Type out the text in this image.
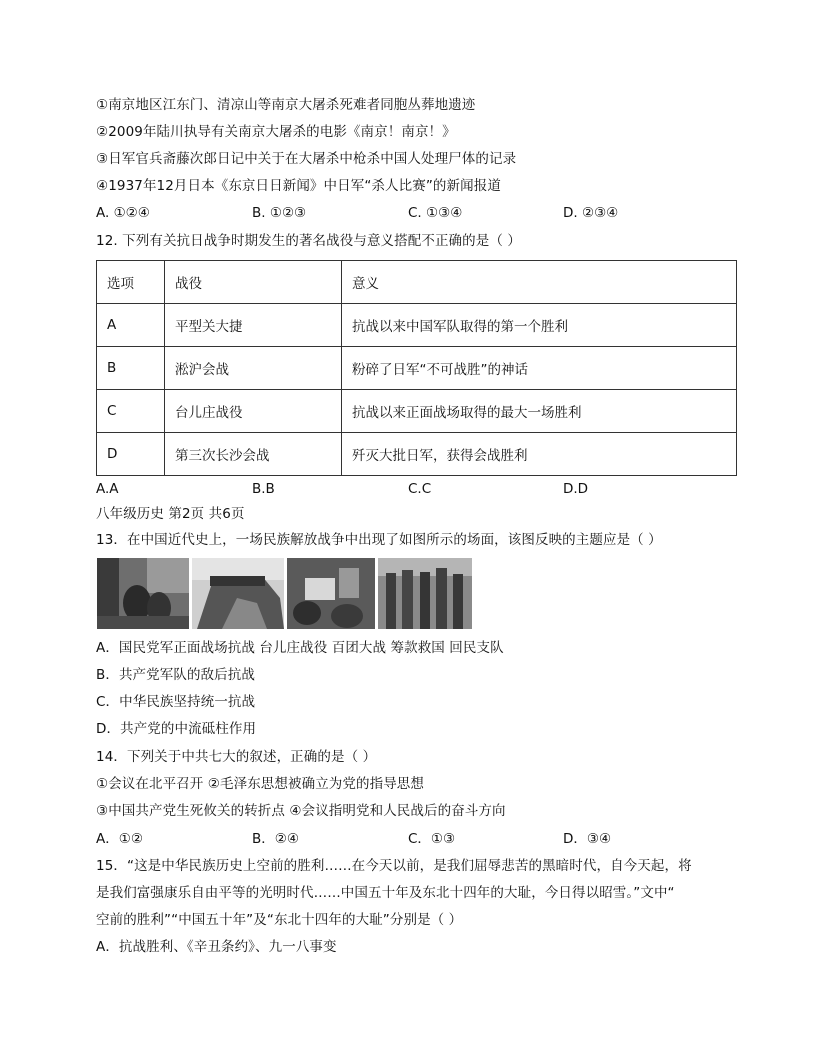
①南京地区江东门、清凉山等南京大屠杀死难者同胞丛葬地遗迹
②2009年陆川执导有关南京大屠杀的电影《南京！南京！》
③日军官兵斋藤次郎日记中关于在大屠杀中枪杀中国人处理尸体的记录
④1937年12月日本《东京日日新闻》中日军“杀人比赛”的新闻报道
A. ①②④	B. ①②③	C. ①③④	D. ②③④
12. 下列有关抗日战争时期发生的著名战役与意义搭配不正确的是（ ）
选项	战役	意义
A	平型关大捷	抗战以来中国军队取得的第一个胜利
B	淞沪会战	粉碎了日军“不可战胜”的神话
C	台儿庄战役	抗战以来正面战场取得的最大一场胜利
D	第三次长沙会战	歼灭大批日军，获得会战胜利
A.A	B.B	C.C	D.D
八年级历史 第2页 共6页
13．在中国近代史上，一场民族解放战争中出现了如图所示的场面，该图反映的主题应是（ ）
A．国民党军正面战场抗战 台儿庄战役 百团大战 筹款救国 回民支队
B．共产党军队的敌后抗战
C．中华民族坚持统一抗战
D．共产党的中流砥柱作用
14．下列关于中共七大的叙述，正确的是（ ）
①会议在北平召开 ②毛泽东思想被确立为党的指导思想
③中国共产党生死攸关的转折点 ④会议指明党和人民战后的奋斗方向
A．①②	B．②④	C．①③	D．③④
15．“这是中华民族历史上空前的胜利……在今天以前，是我们屈辱悲苦的黑暗时代，自今天起，将
是我们富强康乐自由平等的光明时代……中国五十年及东北十四年的大耻，今日得以昭雪。”文中“
空前的胜利”“中国五十年”及“东北十四年的大耻”分别是（ ）
A．抗战胜利、《辛丑条约》、九一八事变
